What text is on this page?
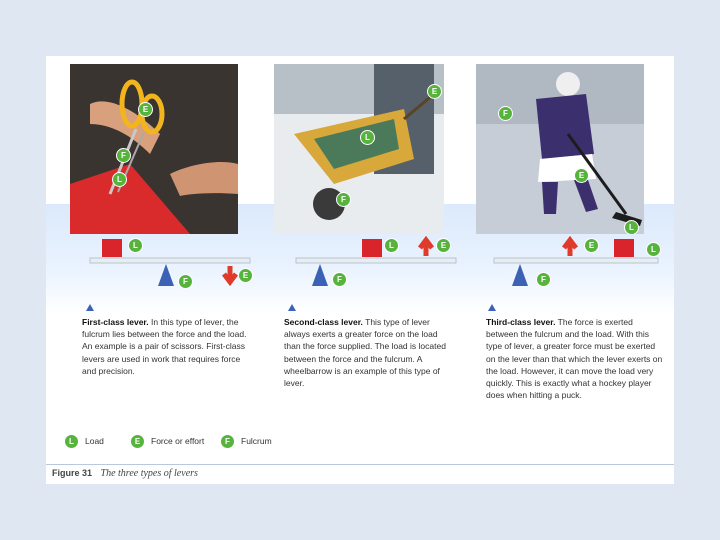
E
F
L
E
L
F
F
E
L
L
F
E
L	E
F
E	L
F
First-class lever. In this type of lever, the fulcrum lies between the force and the load. An example is a pair of scissors. First-class levers are used in work that requires force and precision.
Second-class lever. This type of lever always exerts a greater force on the load than the force supplied. The load is located between the force and the fulcrum. A wheelbarrow is an example of this type of lever.
Third-class lever. The force is exerted between the fulcrum and the load. With this type of lever, a greater force must be exerted on the lever than that which the lever exerts on the load. However, it can move the load very quickly. This is exactly what a hockey player does when hitting a puck.
L Load	E Force or effort	F Fulcrum
Figure 31 The three types of levers
